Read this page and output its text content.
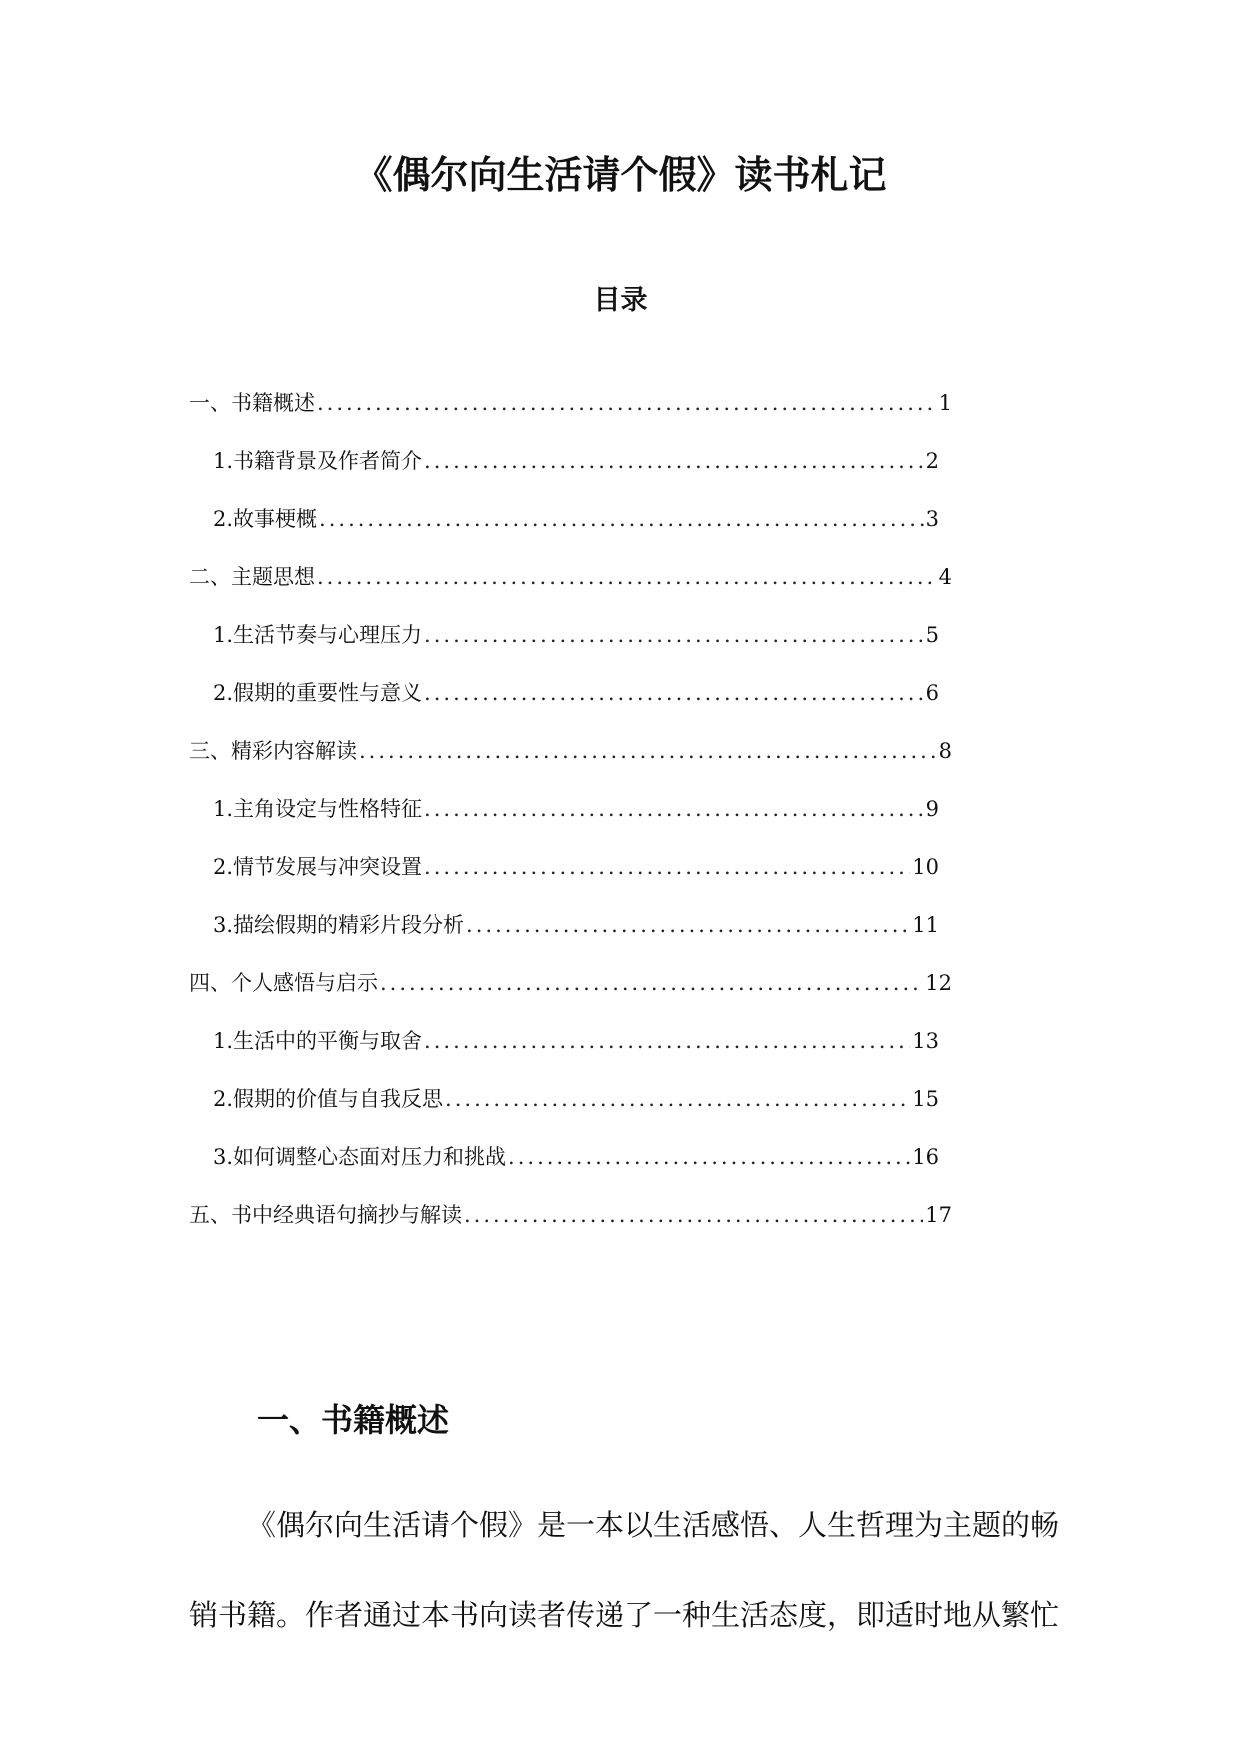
《偶尔向生活请个假》读书札记
目录
一、书籍概述 .....	1
1. 书籍背景及作者简介 .....	2
2. 故事梗概 .....	3
二、主题思想 .....	4
1. 生活节奏与心理压力 .....	5
2. 假期的重要性与意义 .....	6
三、精彩内容解读 .....	8
1. 主角设定与性格特征 .....	9
2. 情节发展与冲突设置 .....	10
3. 描绘假期的精彩片段分析 .....	11
四、个人感悟与启示 .....	12
1. 生活中的平衡与取舍 .....	13
2. 假期的价值与自我反思 .....	15
3. 如何调整心态面对压力和挑战 .....	16
五、书中经典语句摘抄与解读 .....	17
一、书籍概述
《偶尔向生活请个假》是一本以生活感悟、人生哲理为主题的畅销书籍。作者通过本书向读者传递了一种生活态度，即适时地从繁忙
